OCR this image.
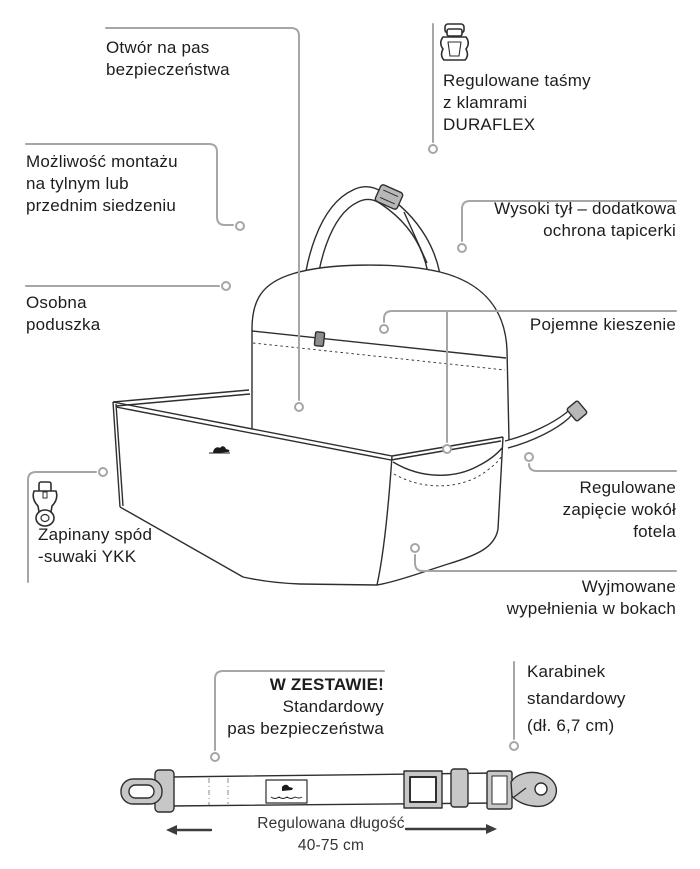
Otwór na pas
bezpieczeństwa
Regulowane taśmy
z klamrami
DURAFLEX
Możliwość montażu
na tylnym lub
przednim siedzeniu	Wysoki tył – dodatkowa
ochrona tapicerki
Osobna
poduszka	Pojemne kieszenie
Zapinany spód
-suwaki YKK
Regulowane
zapięcie wokół
fotela
Wyjmowane
wypełnienia w bokach
W ZESTAWIE!
Standardowy
pas bezpieczeństwa
Karabinek
standardowy
(dł. 6,7 cm)
Regulowana długość
40-75 cm
